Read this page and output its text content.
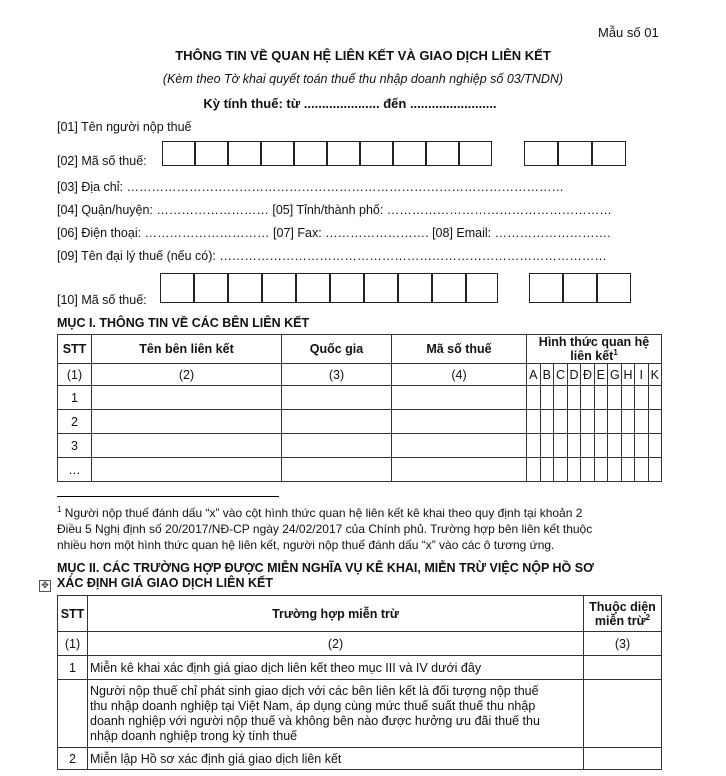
Mẫu số 01
THÔNG TIN VỀ QUAN HỆ LIÊN KẾT VÀ GIAO DỊCH LIÊN KẾT
(Kèm theo Tờ khai quyết toán thuế thu nhập doanh nghiệp số 03/TNDN)
Kỳ tính thuế: từ ..................... đến ........................
[01] Tên người nộp thuế
[02] Mã số thuế:
[03] Địa chỉ: ……………………………………………………………………………………………
[04] Quận/huyện: ……………………… [05] Tỉnh/thành phố: ………………………………………………
[06] Điện thoại: ………………………… [07] Fax: ……………………. [08] Email: ……………………….
[09] Tên đại lý thuế (nếu có): …………………………………………………………………………………
[10] Mã số thuế:
MỤC I. THÔNG TIN VỀ CÁC BÊN LIÊN KẾT
STT	Tên bên liên kết	Quốc gia	Mã số thuế	Hình thức quan hệ liên kết$^1$
(1)	(2)	(3)	(4)	A	B	C	D	Đ	E	G	H	I	K
1													
2													
3													
…													
$^1$ Người nộp thuế đánh dấu “x” vào cột hình thức quan hệ liên kết kê khai theo quy định tại khoản 2
Điều 5 Nghị định số 20/2017/NĐ-CP ngày 24/02/2017 của Chính phủ. Trường hợp bên liên kết thuộc
nhiều hơn một hình thức quan hệ liên kết, người nộp thuế đánh dấu “x” vào các ô tương ứng.
MỤC II. CÁC TRƯỜNG HỢP ĐƯỢC MIỄN NGHĨA VỤ KÊ KHAI, MIỄN TRỪ VIỆC NỘP HỒ SƠ
XÁC ĐỊNH GIÁ GIAO DỊCH LIÊN KẾT
✥
STT	Trường hợp miễn trừ	Thuộc diện
miễn trừ$^2$

(1)	(2)	(3)
1	Miễn kê khai xác định giá giao dịch liên kết theo mục III và IV dưới đây	

	Người nộp thuế chỉ phát sinh giao dịch với các bên liên kết là đối tượng nộp thuế
thu nhập doanh nghiệp tại Việt Nam, áp dụng cùng mức thuế suất thuế thu nhập
doanh nghiệp với người nộp thuế và không bên nào được hưởng ưu đãi thuế thu
nhập doanh nghiệp trong kỳ tính thuế	

2	Miễn lập Hồ sơ xác định giá giao dịch liên kết	
